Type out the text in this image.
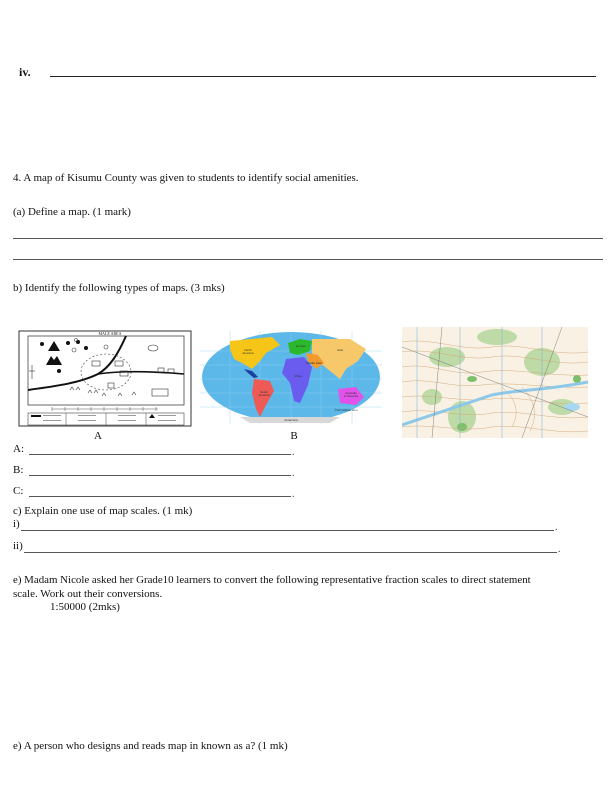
iv.
4. A map of Kisumu County was given to students to identify social amenities.
(a) Define a map. (1 mark)
b) Identify the following types of maps. (3 mks)
MALE AREA
A
North
America
South
America
Africa
Europe
Asia
Middle East
Australia
& Oceania
Antarctica
©WorldAtlas.com
B
A:	.
B:	.
C:	.
c) Explain one use of map scales. (1 mk)
i)	.
ii)	.
e) Madam Nicole asked her Grade10 learners to convert the following representative fraction scales to direct statement
scale. Work out their conversions.
1:50000 (2mks)
e) A person who designs and reads map in known as a? (1 mk)
